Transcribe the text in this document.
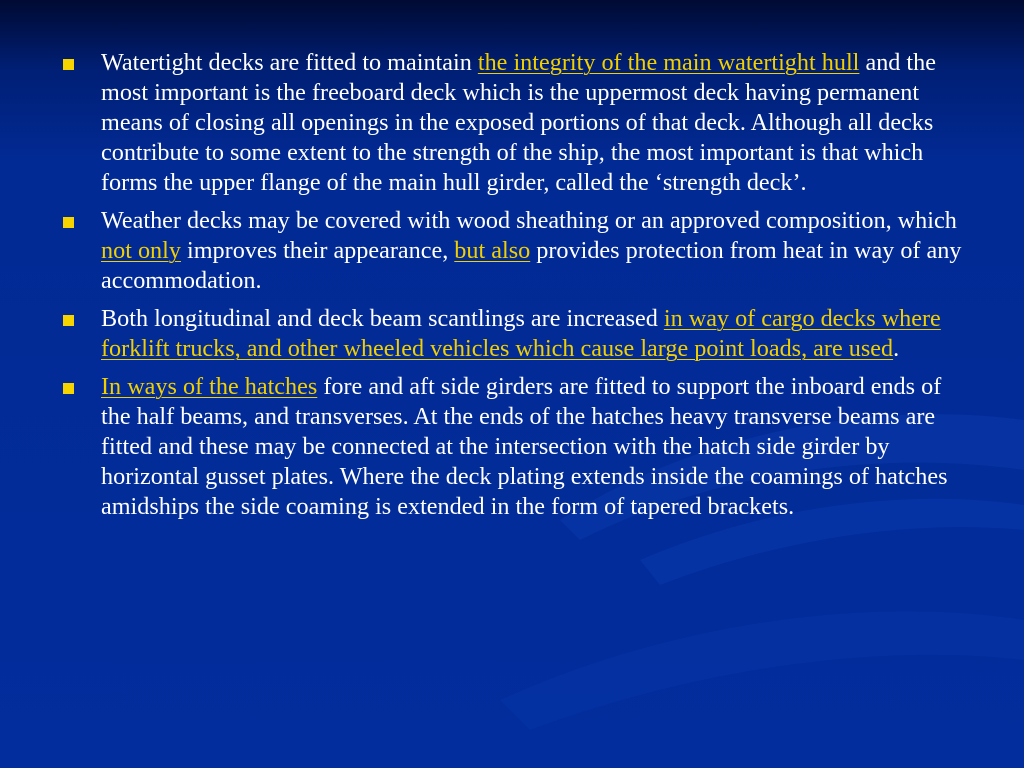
Watertight decks are fitted to maintain the integrity of the main watertight hull and the most important is the freeboard deck which is the uppermost deck having permanent means of closing all openings in the exposed portions of that deck. Although all decks contribute to some extent to the strength of the ship, the most important is that which forms the upper flange of the main hull girder, called the ‘strength deck’.
Weather decks may be covered with wood sheathing or an approved composition, which not only improves their appearance, but also provides protection from heat in way of any accommodation.
Both longitudinal and deck beam scantlings are increased in way of cargo decks where forklift trucks, and other wheeled vehicles which cause large point loads, are used.
In ways of the hatches fore and aft side girders are fitted to support the inboard ends of the half beams, and transverses. At the ends of the hatches heavy transverse beams are fitted and these may be connected at the intersection with the hatch side girder by horizontal gusset plates. Where the deck plating extends inside the coamings of hatches amidships the side coaming is extended in the form of tapered brackets.
